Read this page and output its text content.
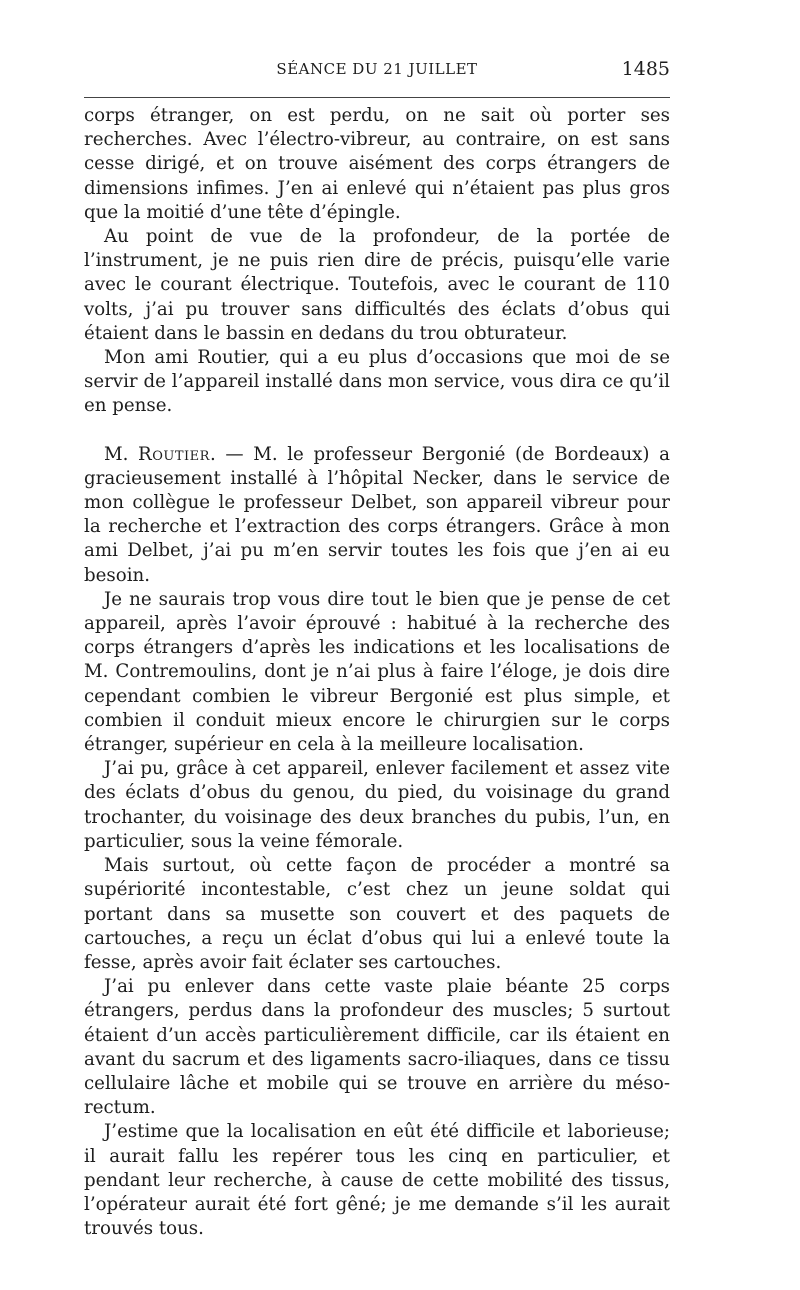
SÉANCE DU 21 JUILLET	1485

corps étranger, on est perdu, on ne sait où porter ses recherches. Avec l’électro-vibreur, au contraire, on est sans cesse dirigé, et on trouve aisément des corps étrangers de dimensions infimes. J’en ai enlevé qui n’étaient pas plus gros que la moitié d’une tête d’épingle.

Au point de vue de la profondeur, de la portée de l’instrument, je ne puis rien dire de précis, puisqu’elle varie avec le courant électrique. Toutefois, avec le courant de 110 volts, j’ai pu trouver sans difficultés des éclats d’obus qui étaient dans le bassin en dedans du trou obturateur.

Mon ami Routier, qui a eu plus d’occasions que moi de se servir de l’appareil installé dans mon service, vous dira ce qu’il en pense.

M. Routier. — M. le professeur Bergonié (de Bordeaux) a gracieusement installé à l’hôpital Necker, dans le service de mon collègue le professeur Delbet, son appareil vibreur pour la recherche et l’extraction des corps étrangers. Grâce à mon ami Delbet, j’ai pu m’en servir toutes les fois que j’en ai eu besoin.

Je ne saurais trop vous dire tout le bien que je pense de cet appareil, après l’avoir éprouvé : habitué à la recherche des corps étrangers d’après les indications et les localisations de M. Contremoulins, dont je n’ai plus à faire l’éloge, je dois dire cependant combien le vibreur Bergonié est plus simple, et combien il conduit mieux encore le chirurgien sur le corps étranger, supérieur en cela à la meilleure localisation.

J’ai pu, grâce à cet appareil, enlever facilement et assez vite des éclats d’obus du genou, du pied, du voisinage du grand trochanter, du voisinage des deux branches du pubis, l’un, en particulier, sous la veine fémorale.

Mais surtout, où cette façon de procéder a montré sa supériorité incontestable, c’est chez un jeune soldat qui portant dans sa musette son couvert et des paquets de cartouches, a reçu un éclat d’obus qui lui a enlevé toute la fesse, après avoir fait éclater ses cartouches.

J’ai pu enlever dans cette vaste plaie béante 25 corps étrangers, perdus dans la profondeur des muscles; 5 surtout étaient d’un accès particulièrement difficile, car ils étaient en avant du sacrum et des ligaments sacro-iliaques, dans ce tissu cellulaire lâche et mobile qui se trouve en arrière du méso-rectum.

J’estime que la localisation en eût été difficile et laborieuse; il aurait fallu les repérer tous les cinq en particulier, et pendant leur recherche, à cause de cette mobilité des tissus, l’opérateur aurait été fort gêné; je me demande s’il les aurait trouvés tous.
